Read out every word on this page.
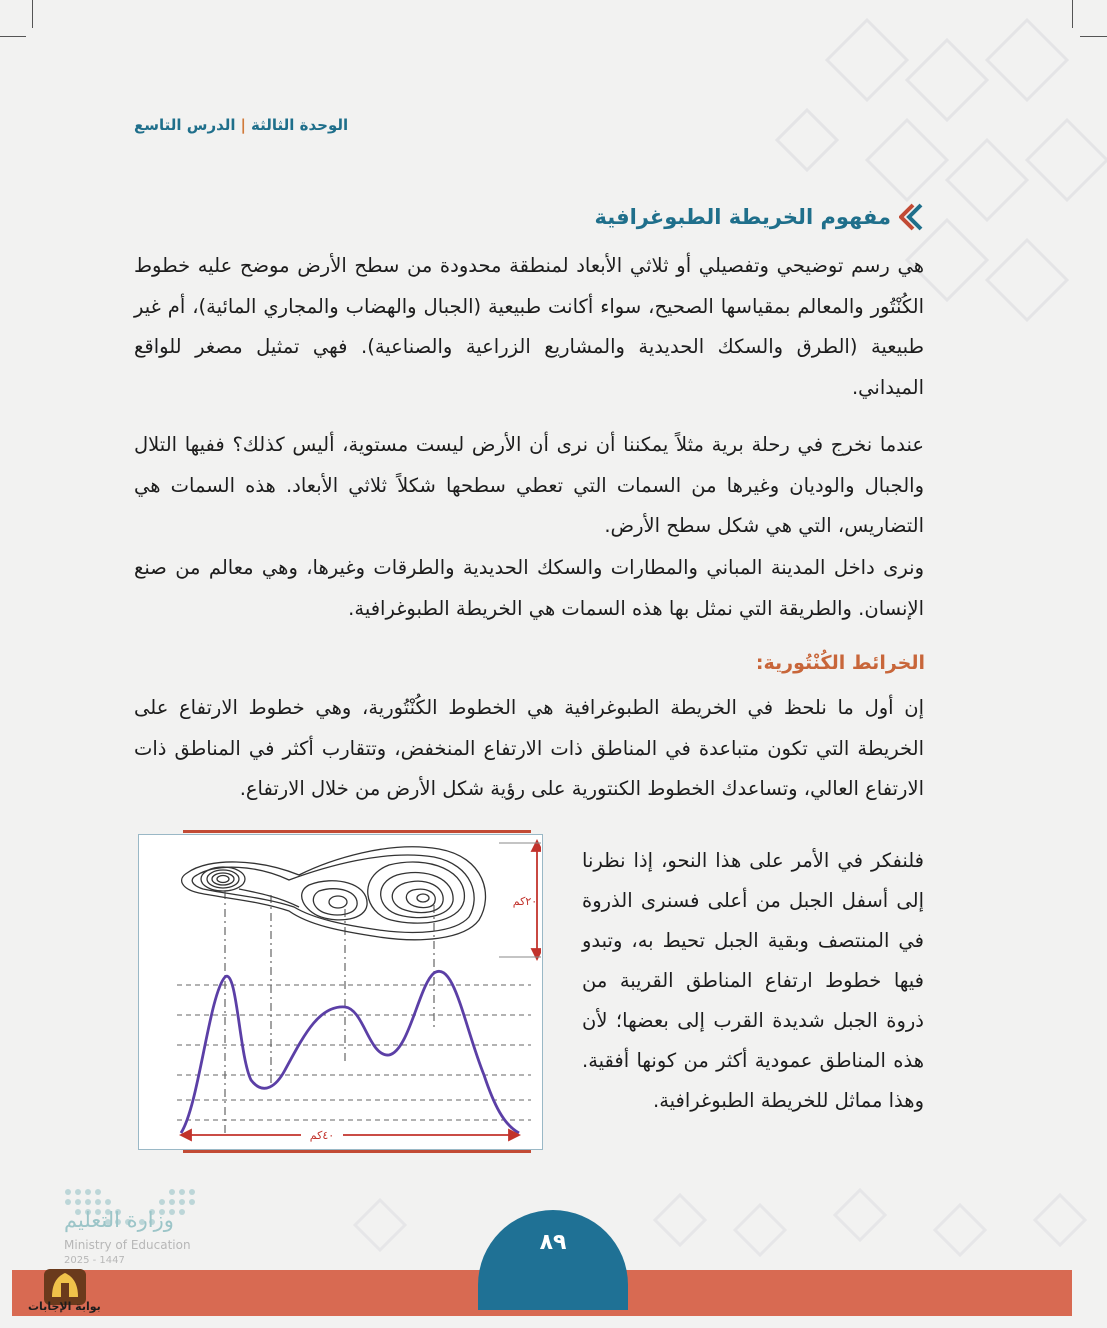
الوحدة الثالثة|الدرس التاسع
مفهوم الخريطة الطبوغرافية

هي رسم توضيحي وتفصيلي أو ثلاثي الأبعاد لمنطقة محدودة من سطح الأرض موضح عليه خطوط الكُنْتُور والمعالم بمقياسها الصحيح، سواء أكانت طبيعية (الجبال والهضاب والمجاري المائية)، أم غير طبيعية (الطرق والسكك الحديدية والمشاريع الزراعية والصناعية). فهي تمثيل مصغر للواقع الميداني.

عندما نخرج في رحلة برية مثلاً يمكننا أن نرى أن الأرض ليست مستوية، أليس كذلك؟ ففيها التلال والجبال والوديان وغيرها من السمات التي تعطي سطحها شكلاً ثلاثي الأبعاد. هذه السمات هي التضاريس، التي هي شكل سطح الأرض.

ونرى داخل المدينة المباني والمطارات والسكك الحديدية والطرقات وغيرها، وهي معالم من صنع الإنسان. والطريقة التي نمثل بها هذه السمات هي الخريطة الطبوغرافية.

الخرائط الكُنْتُورية:

إن أول ما نلحظ في الخريطة الطبوغرافية هي الخطوط الكُنْتُورية، وهي خطوط الارتفاع على الخريطة التي تكون متباعدة في المناطق ذات الارتفاع المنخفض، وتتقارب أكثر في المناطق ذات الارتفاع العالي، وتساعدك الخطوط الكنتورية على رؤية شكل الأرض من خلال الارتفاع.

فلنفكر في الأمر على هذا النحو، إذا نظرنا إلى أسفل الجبل من أعلى فسنرى الذروة في المنتصف وبقية الجبل تحيط به، وتبدو فيها خطوط ارتفاع المناطق القريبة من ذروة الجبل شديدة القرب إلى بعضها؛ لأن هذه المناطق عمودية أكثر من كونها أفقية. وهذا مماثل للخريطة الطبوغرافية.

٢٠كم
٤٠كم
وزارة التعليم
Ministry of Education
2025 - 1447
٨٩
بوابة الإجابات
